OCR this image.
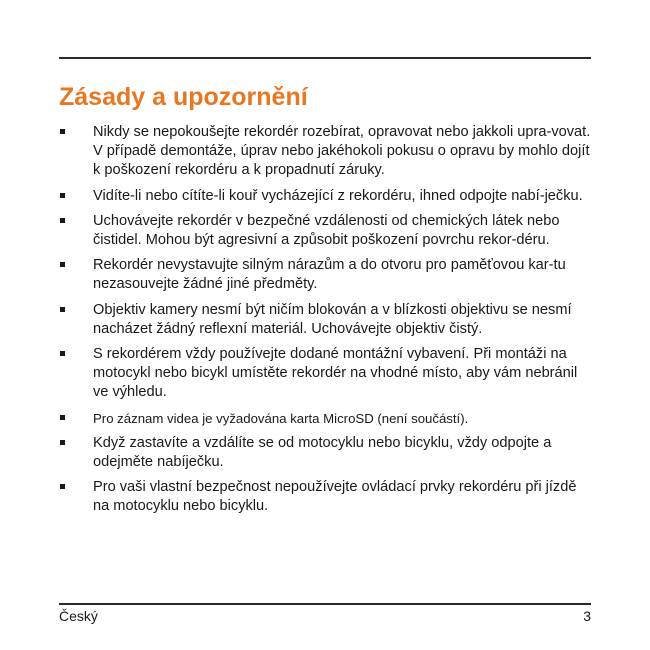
Zásady a upozornění
Nikdy se nepokoušejte rekordér rozebírat, opravovat nebo jakkoli upra-vovat. V případě demontáže, úprav nebo jakéhokoli pokusu o opravu by mohlo dojít k poškození rekordéru a k propadnutí záruky.
Vidíte-li nebo cítíte-li kouř vycházející z rekordéru, ihned odpojte nabí-ječku.
Uchovávejte rekordér v bezpečné vzdálenosti od chemických látek nebo čistidel. Mohou být agresivní a způsobit poškození povrchu rekor-déru.
Rekordér nevystavujte silným nárazům a do otvoru pro paměťovou kar-tu nezasouvejte žádné jiné předměty.
Objektiv kamery nesmí být ničím blokován a v blízkosti objektivu se nesmí nacházet žádný reflexní materiál. Uchovávejte objektiv čistý.
S rekordérem vždy používejte dodané montážní vybavení. Při montáži na motocykl nebo bicykl umístěte rekordér na vhodné místo, aby vám nebránil ve výhledu.
Pro záznam videa je vyžadována karta MicroSD (není součástí).
Když zastavíte a vzdálíte se od motocyklu nebo bicyklu, vždy odpojte a odejměte nabíječku.
Pro vaši vlastní bezpečnost nepoužívejte ovládací prvky rekordéru při jízdě na motocyklu nebo bicyklu.
Český	3
